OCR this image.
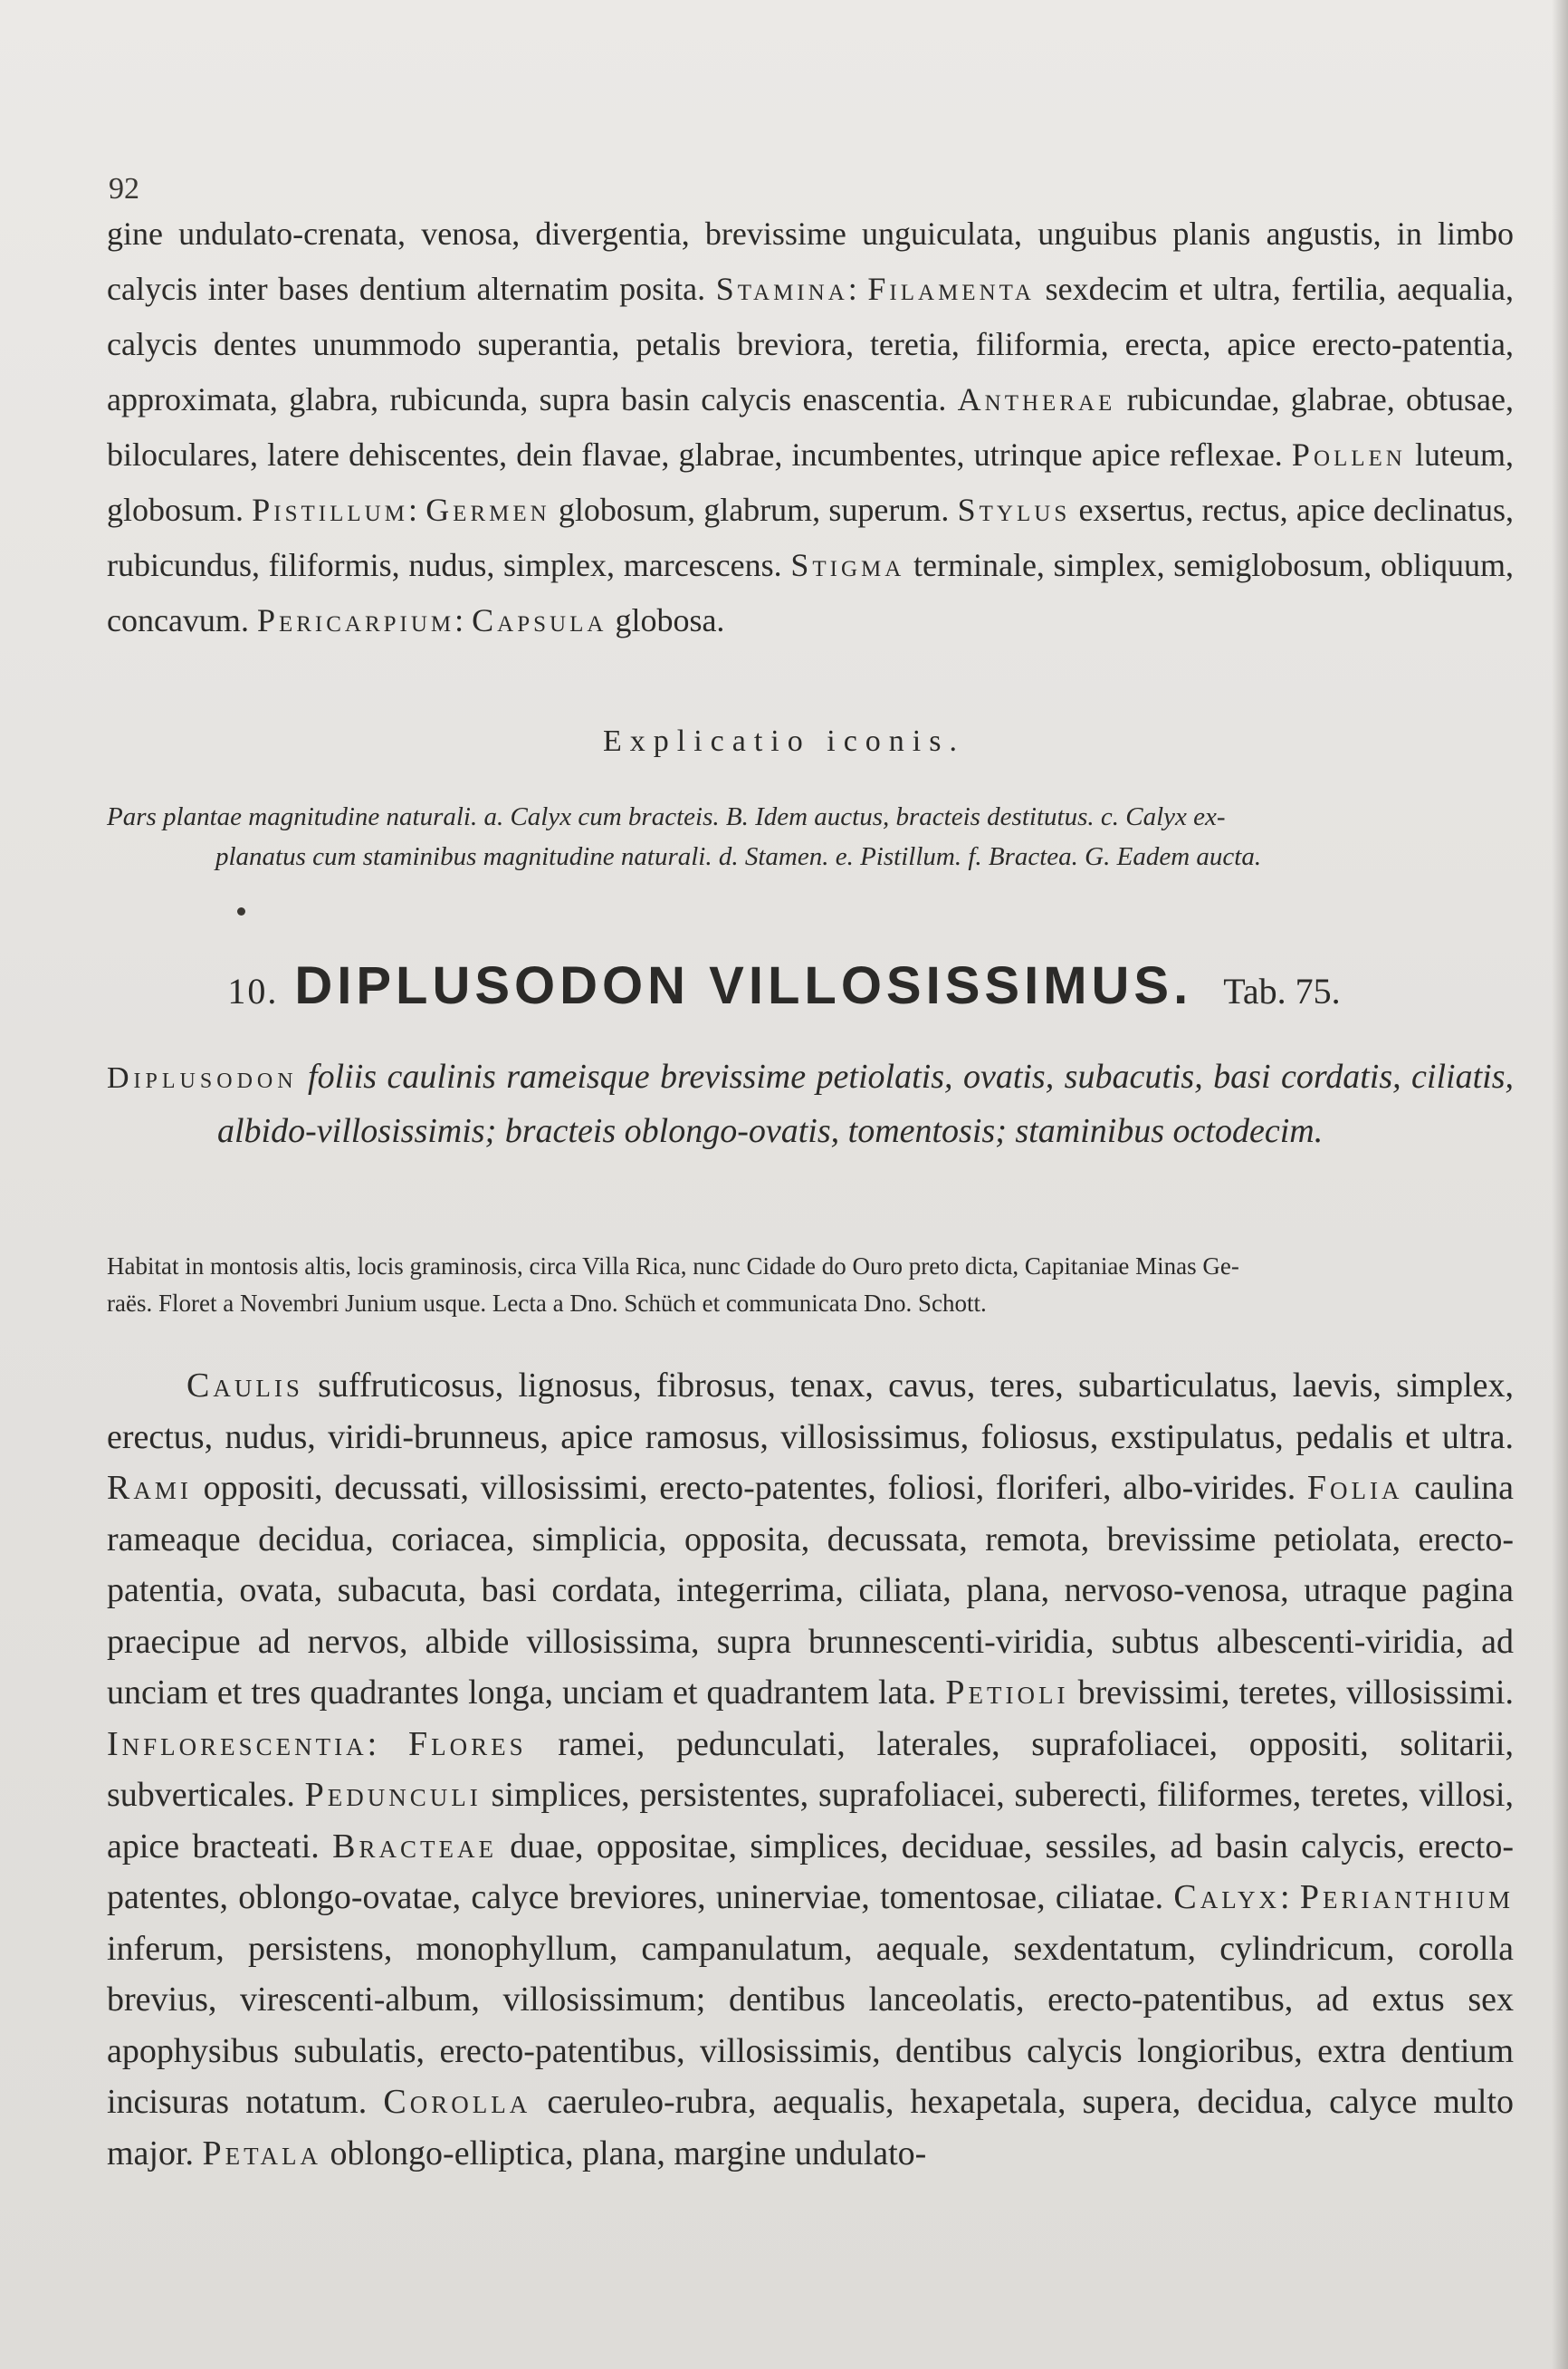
92
gine undulato-crenata, venosa, divergentia, brevissime unguiculata, unguibus planis angustis, in limbo calycis inter bases dentium alternatim posita. Stamina: Filamenta sexdecim et ultra, fertilia, aequalia, calycis dentes unummodo superantia, petalis breviora, teretia, filiformia, erecta, apice erecto-patentia, approximata, glabra, rubicunda, supra basin calycis enascentia. Antherae rubicundae, glabrae, obtusae, biloculares, latere dehiscentes, dein flavae, glabrae, incumbentes, utrinque apice reflexae. Pollen luteum, globosum. Pistillum: Germen globosum, glabrum, superum. Stylus exsertus, rectus, apice declinatus, rubicundus, filiformis, nudus, simplex, marcescens. Stigma terminale, simplex, semiglobosum, obliquum, concavum. Pericarpium: Capsula globosa.
Explicatio iconis.
Pars plantae magnitudine naturali. a. Calyx cum bracteis. B. Idem auctus, bracteis destitutus. c. Calyx ex-
planatus cum staminibus magnitudine naturali. d. Stamen. e. Pistillum. f. Bractea. G. Eadem aucta.
10. DIPLUSODON VILLOSISSIMUS. Tab. 75.
Diplusodon foliis caulinis rameisque brevissime petiolatis, ovatis, subacutis, basi cordatis, ciliatis, albido-villosissimis; bracteis oblongo-ovatis, tomentosis; staminibus octodecim.
Habitat in montosis altis, locis graminosis, circa Villa Rica, nunc Cidade do Ouro preto dicta, Capitaniae Minas Ge-
raës. Floret a Novembri Junium usque. Lecta a Dno. Schüch et communicata Dno. Schott.
Caulis suffruticosus, lignosus, fibrosus, tenax, cavus, teres, subarticulatus, laevis, simplex, erectus, nudus, viridi-brunneus, apice ramosus, villosissimus, foliosus, exstipulatus, pedalis et ultra. Rami oppositi, decussati, villosissimi, erecto-patentes, foliosi, floriferi, albo-virides. Folia caulina rameaque decidua, coriacea, simplicia, opposita, decussata, remota, brevissime petiolata, erecto-patentia, ovata, subacuta, basi cordata, integerrima, ciliata, plana, nervoso-venosa, utraque pagina praecipue ad nervos, albide villosissima, supra brunnescenti-viridia, subtus albescenti-viridia, ad unciam et tres quadrantes longa, unciam et quadrantem lata. Petioli brevissimi, teretes, villosissimi. Inflorescentia: Flores ramei, pedunculati, laterales, suprafoliacei, oppositi, solitarii, subverticales. Pedunculi simplices, persistentes, suprafoliacei, suberecti, filiformes, teretes, villosi, apice bracteati. Bracteae duae, oppositae, simplices, deciduae, sessiles, ad basin calycis, erecto-patentes, oblongo-ovatae, calyce breviores, uninerviae, tomentosae, ciliatae. Calyx: Perianthium inferum, persistens, monophyllum, campanulatum, aequale, sexdentatum, cylindricum, corolla brevius, virescenti-album, villosissimum; dentibus lanceolatis, erecto-patentibus, ad extus sex apophysibus subulatis, erecto-patentibus, villosissimis, dentibus calycis longioribus, extra dentium incisuras notatum. Corolla caeruleo-rubra, aequalis, hexapetala, supera, decidua, calyce multo major. Petala oblongo-elliptica, plana, margine undulato-
